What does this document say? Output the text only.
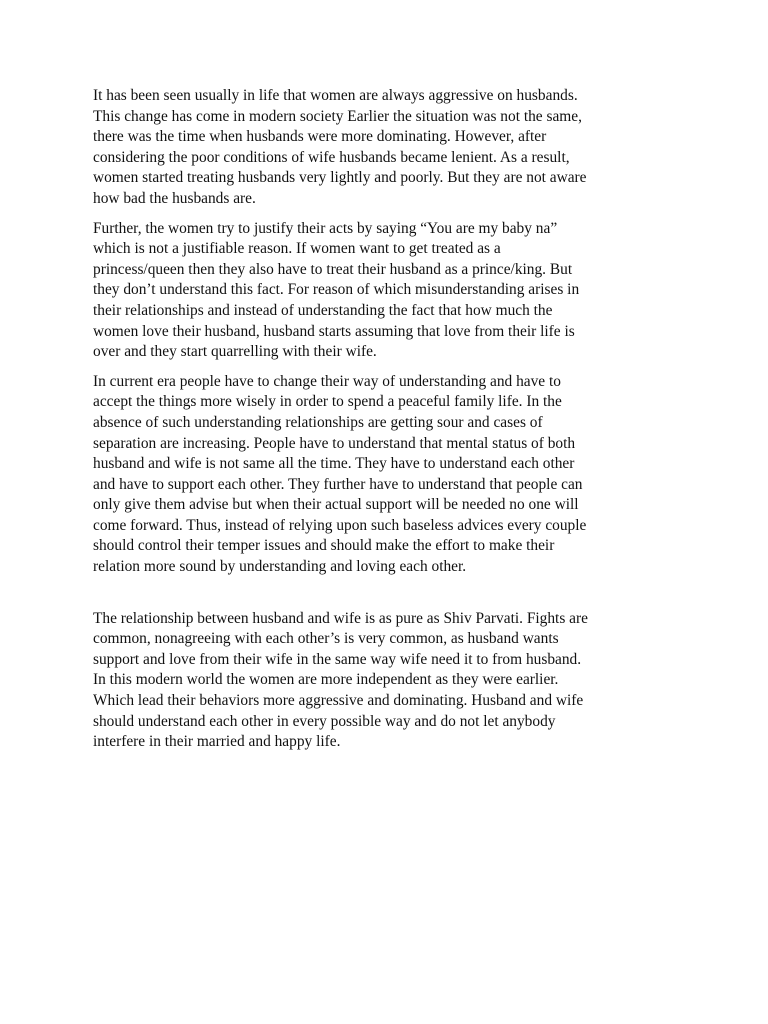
It has been seen usually in life that women are always aggressive on husbands.
This change has come in modern society Earlier the situation was not the same,
there was the time when husbands were more dominating. However, after
considering the poor conditions of wife husbands became lenient. As a result,
women started treating husbands very lightly and poorly. But they are not aware
how bad the husbands are.

Further, the women try to justify their acts by saying “You are my baby na”
which is not a justifiable reason. If women want to get treated as a
princess/queen then they also have to treat their husband as a prince/king. But
they don’t understand this fact. For reason of which misunderstanding arises in
their relationships and instead of understanding the fact that how much the
women love their husband, husband starts assuming that love from their life is
over and they start quarrelling with their wife.

In current era people have to change their way of understanding and have to
accept the things more wisely in order to spend a peaceful family life. In the
absence of such understanding relationships are getting sour and cases of
separation are increasing. People have to understand that mental status of both
husband and wife is not same all the time. They have to understand each other
and have to support each other. They further have to understand that people can
only give them advise but when their actual support will be needed no one will
come forward. Thus, instead of relying upon such baseless advices every couple
should control their temper issues and should make the effort to make their
relation more sound by understanding and loving each other.

The relationship between husband and wife is as pure as Shiv Parvati. Fights are
common, nonagreeing with each other’s is very common, as husband wants
support and love from their wife in the same way wife need it to from husband.
In this modern world the women are more independent as they were earlier.
Which lead their behaviors more aggressive and dominating. Husband and wife
should understand each other in every possible way and do not let anybody
interfere in their married and happy life.
